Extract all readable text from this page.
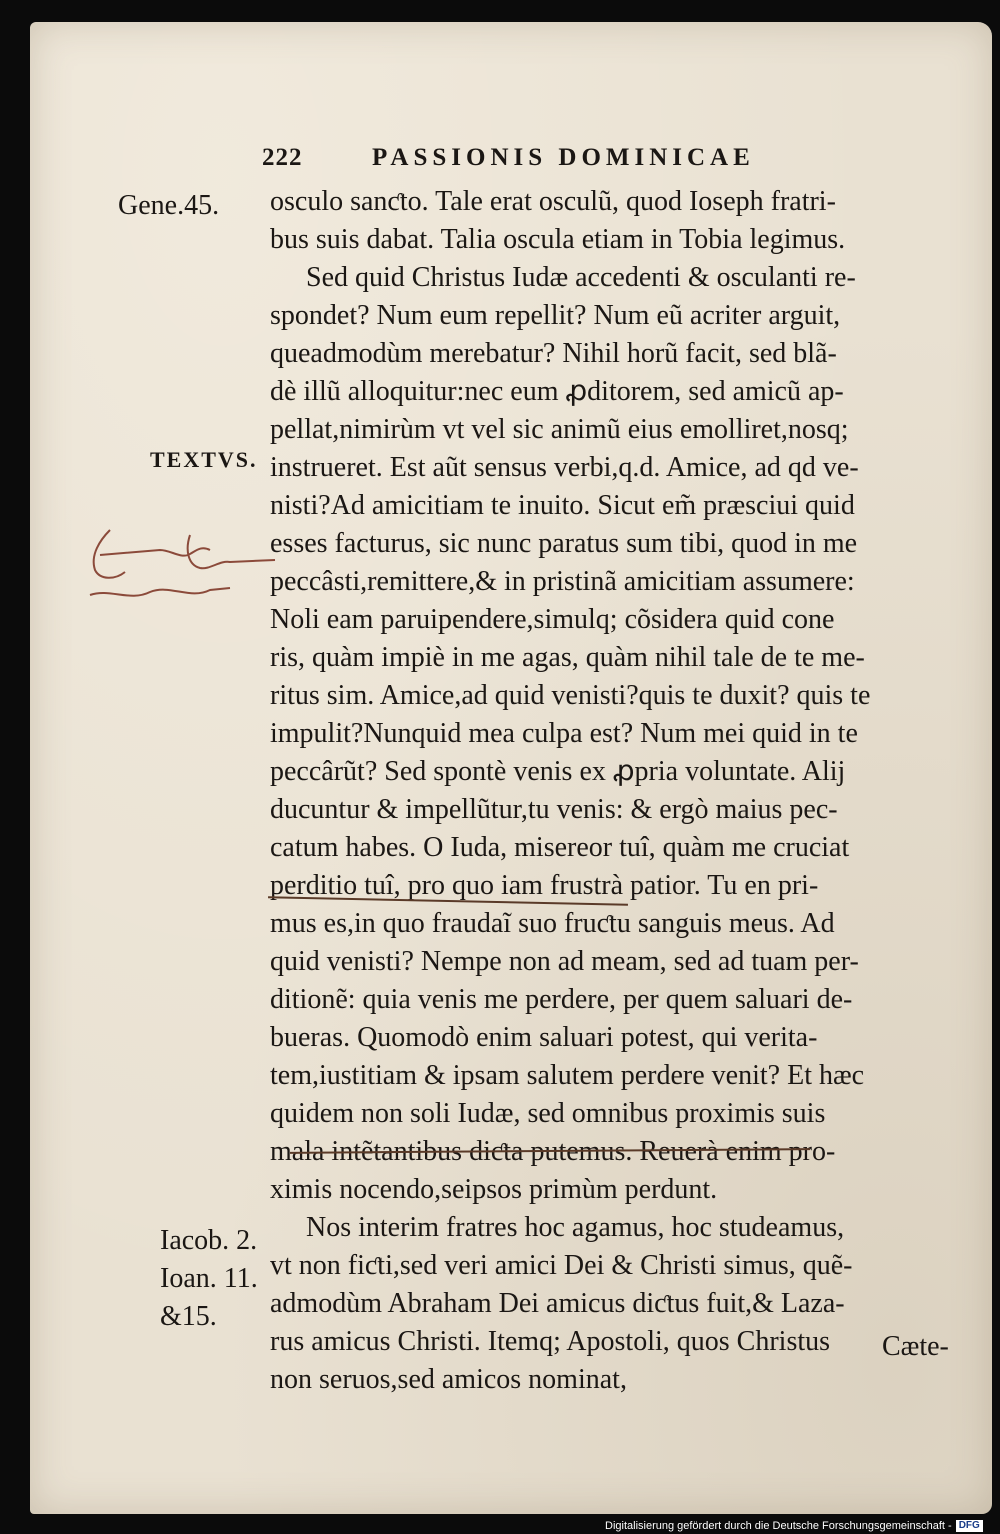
222	PASSIONIS DOMINICAE
Gene.45.
TEXTVS.
Iacob. 2.
Ioan. 11.
&15.
osculo sanƈto. Tale erat osculũ, quod Ioseph fratri-
bus suis dabat. Talia oscula etiam in Tobia legimus.
Sed quid Christus Iudæ accedenti & osculanti re-
spondet? Num eum repellit? Num eũ acriter arguit,
queadmodùm merebatur? Nihil horũ facit, sed blã-
dè illũ alloquitur:nec eum ꝓditorem, sed amicũ ap-
pellat,nimirùm vt vel sic animũ eius emolliret,nosq;
instrueret. Est aũt sensus verbi,q.d. Amice, ad qd ve-
nisti?Ad amicitiam te inuito. Sicut em̃ præsciui quid
esses facturus, sic nunc paratus sum tibi, quod in me
peccâsti,remittere,& in pristinã amicitiam assumere:
Noli eam paruipendere,simulq; cõsidera quid cone
ris, quàm impiè in me agas, quàm nihil tale de te me-
ritus sim. Amice,ad quid venisti?quis te duxit? quis te
impulit?Nunquid mea culpa est? Num mei quid in te
peccârũt? Sed spontè venis ex ꝓpria voluntate. Alij
ducuntur & impellũtur,tu venis: & ergò maius pec-
catum habes. O Iuda, misereor tuî, quàm me cruciat
perditio tuî, pro quo iam frustrà patior. Tu en pri-
mus es,in quo fraudaĩ suo fruƈtu sanguis meus. Ad
quid venisti? Nempe non ad meam, sed ad tuam per-
ditionẽ: quia venis me perdere, per quem saluari de-
bueras. Quomodò enim saluari potest, qui verita-
tem,iustitiam & ipsam salutem perdere venit? Et hæc
quidem non soli Iudæ, sed omnibus proximis suis
mala intẽtantibus diƈta putemus. Reuerà enim pro-
ximis nocendo,seipsos primùm perdunt.
Nos interim fratres hoc agamus, hoc studeamus,
vt non fiƈti,sed veri amici Dei & Christi simus, quẽ-
admodùm Abraham Dei amicus diƈtus fuit,& Laza-
rus amicus Christi. Itemq; Apostoli, quos Christus
non seruos,sed amicos nominat,
Cæte-
Digitalisierung gefördert durch die Deutsche Forschungsgemeinschaft - DFG
